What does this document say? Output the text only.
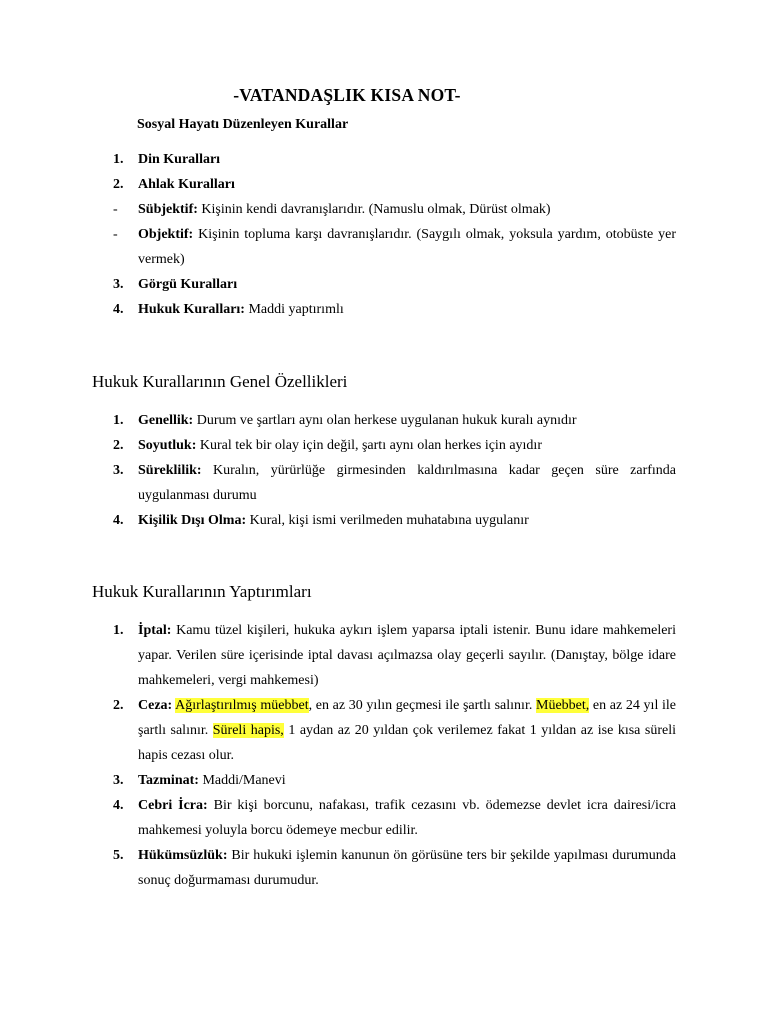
-VATANDAŞLIK KISA NOT-
Sosyal Hayatı Düzenleyen Kurallar
1.	Din Kuralları
2.	Ahlak Kuralları
-	Sübjektif: Kişinin kendi davranışlarıdır. (Namuslu olmak, Dürüst olmak)
-	Objektif: Kişinin topluma karşı davranışlarıdır. (Saygılı olmak, yoksula yardım, otobüste yer vermek)
3.	Görgü Kuralları
4.	Hukuk Kuralları: Maddi yaptırımlı
Hukuk Kurallarının Genel Özellikleri
1.	Genellik: Durum ve şartları aynı olan herkese uygulanan hukuk kuralı aynıdır
2.	Soyutluk: Kural tek bir olay için değil, şartı aynı olan herkes için ayıdır
3.	Süreklilik: Kuralın, yürürlüğe girmesinden kaldırılmasına kadar geçen süre zarfında uygulanması durumu
4.	Kişilik Dışı Olma: Kural, kişi ismi verilmeden muhatabına uygulanır
Hukuk Kurallarının Yaptırımları
1.	İptal: Kamu tüzel kişileri, hukuka aykırı işlem yaparsa iptali istenir. Bunu idare mahkemeleri yapar. Verilen süre içerisinde iptal davası açılmazsa olay geçerli sayılır. (Danıştay, bölge idare mahkemeleri, vergi mahkemesi)
2.	Ceza: Ağırlaştırılmış müebbet, en az 30 yılın geçmesi ile şartlı salınır. Müebbet, en az 24 yıl ile şartlı salınır. Süreli hapis, 1 aydan az 20 yıldan çok verilemez fakat 1 yıldan az ise kısa süreli hapis cezası olur.
3.	Tazminat: Maddi/Manevi
4.	Cebri İcra: Bir kişi borcunu, nafakası, trafik cezasını vb. ödemezse devlet icra dairesi/icra mahkemesi yoluyla borcu ödemeye mecbur edilir.
5.	Hükümsüzlük: Bir hukuki işlemin kanunun ön görüsüne ters bir şekilde yapılması durumunda sonuç doğurmaması durumudur.
